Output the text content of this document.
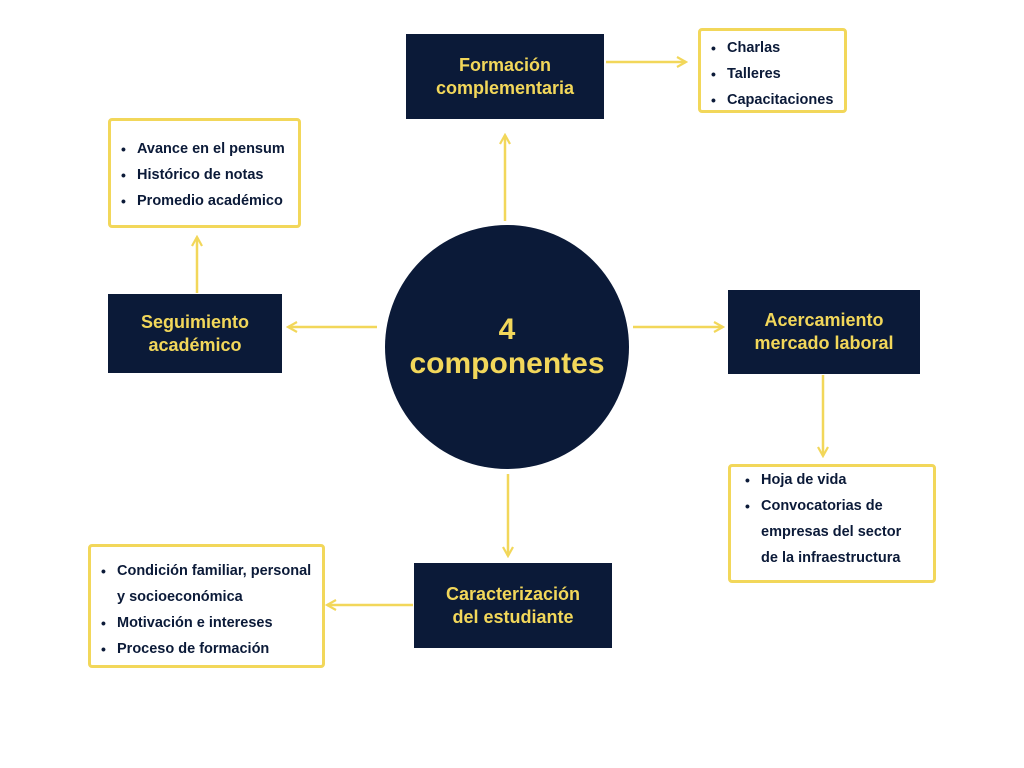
4
componentes
Formación
complementaria
Seguimiento
académico
Acercamiento
mercado laboral
Caracterización
del estudiante
• Charlas
• Talleres
• Capacitaciones
• Avance en el pensum
• Histórico de notas
• Promedio académico
• Hoja de vida
• Convocatorias de
empresas del sector
de la infraestructura
• Condición familiar, personal
y socioeconómica
• Motivación e intereses
• Proceso de formación
